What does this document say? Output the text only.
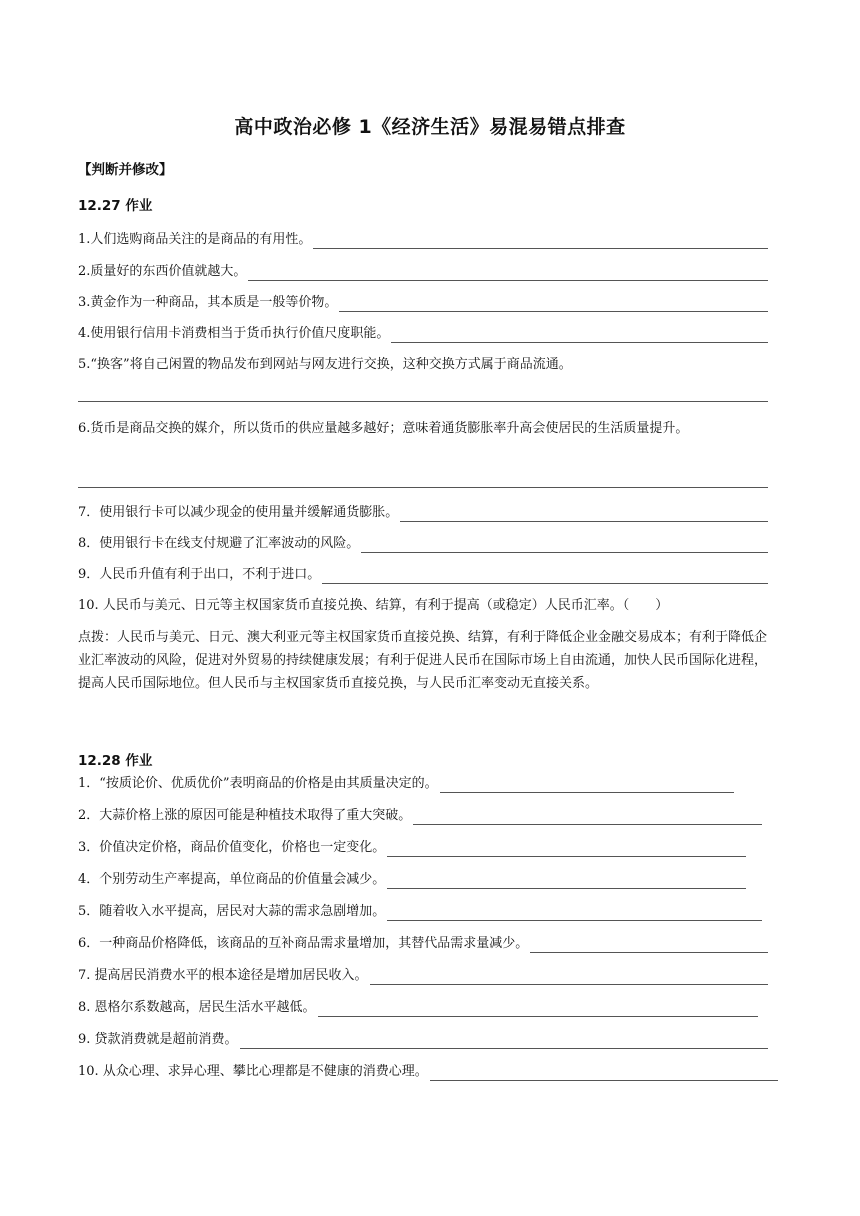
高中政治必修 1《经济生活》易混易错点排查
【判断并修改】
12.27 作业
1.人们选购商品关注的是商品的有用性。
2.质量好的东西价值就越大。
3.黄金作为一种商品，其本质是一般等价物。
4.使用银行信用卡消费相当于货币执行价值尺度职能。
5.“换客”将自己闲置的物品发布到网站与网友进行交换，这种交换方式属于商品流通。
6.货币是商品交换的媒介，所以货币的供应量越多越好；意味着通货膨胀率升高会使居民的生活质量提升。
7．使用银行卡可以减少现金的使用量并缓解通货膨胀。
8．使用银行卡在线支付规避了汇率波动的风险。
9．人民币升值有利于出口，不利于进口。
10. 人民币与美元、日元等主权国家货币直接兑换、结算，有利于提高（或稳定）人民币汇率。（　　）
点拨：人民币与美元、日元、澳大利亚元等主权国家货币直接兑换、结算，有利于降低企业金融交易成本；有利于降低企业汇率波动的风险，促进对外贸易的持续健康发展；有利于促进人民币在国际市场上自由流通，加快人民币国际化进程，提高人民币国际地位。但人民币与主权国家货币直接兑换，与人民币汇率变动无直接关系。
12.28 作业
1．“按质论价、优质优价”表明商品的价格是由其质量决定的。
2．大蒜价格上涨的原因可能是种植技术取得了重大突破。
3．价值决定价格，商品价值变化，价格也一定变化。
4．个别劳动生产率提高，单位商品的价值量会减少。
5．随着收入水平提高，居民对大蒜的需求急剧增加。
6．一种商品价格降低，该商品的互补商品需求量增加，其替代品需求量减少。
7. 提高居民消费水平的根本途径是增加居民收入。
8. 恩格尔系数越高，居民生活水平越低。
9. 贷款消费就是超前消费。
10. 从众心理、求异心理、攀比心理都是不健康的消费心理。
